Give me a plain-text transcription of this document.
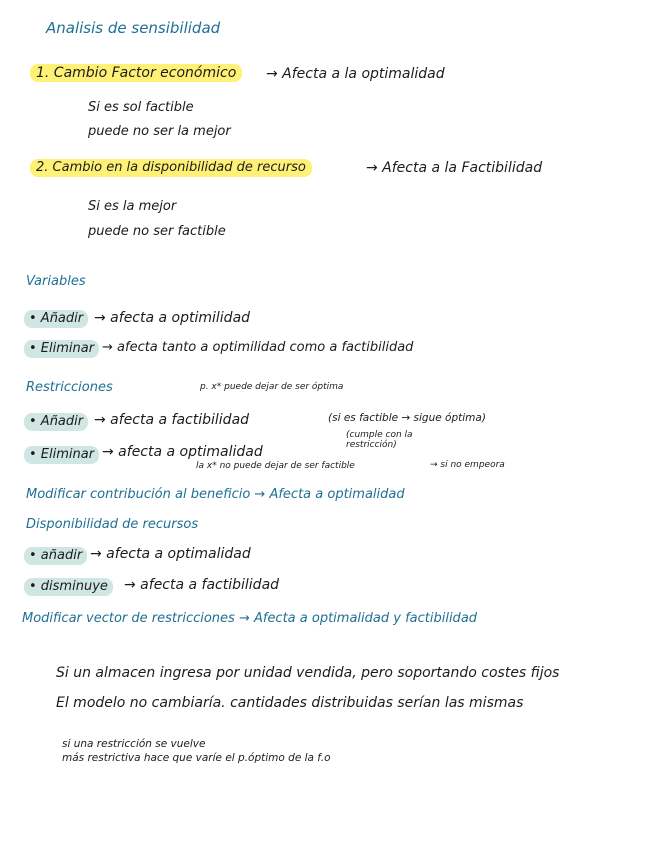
Analisis de sensibilidad
1. Cambio Factor económico	→ Afecta a la optimalidad
Si es sol factible
puede no ser la mejor
2. Cambio en la disponibilidad de recurso	→ Afecta a la Factibilidad
Si es la mejor
puede no ser factible
Variables
• Añadir → afecta a optimilidad
• Eliminar → afecta tanto a optimilidad como a factibilidad
Restricciones	p. x* puede dejar de ser óptima
• Añadir → afecta a factibilidad	(si es factible → sigue óptima)
(cumple con la restricción)
• Eliminar → afecta a optimalidad
la x* no puede dejar de ser factible	→ si no empeora
Modificar contribución al beneficio → Afecta a optimalidad
Disponibilidad de recursos
• añadir → afecta a optimalidad
• disminuye	→ afecta a factibilidad
Modificar vector de restricciones → Afecta a optimalidad y factibilidad
Si un almacen ingresa por unidad vendida, pero soportando costes fijos
El modelo no cambiaría. cantidades distribuidas serían las mismas
si una restricción se vuelve
más restrictiva hace que varíe el p.óptimo de la f.o
